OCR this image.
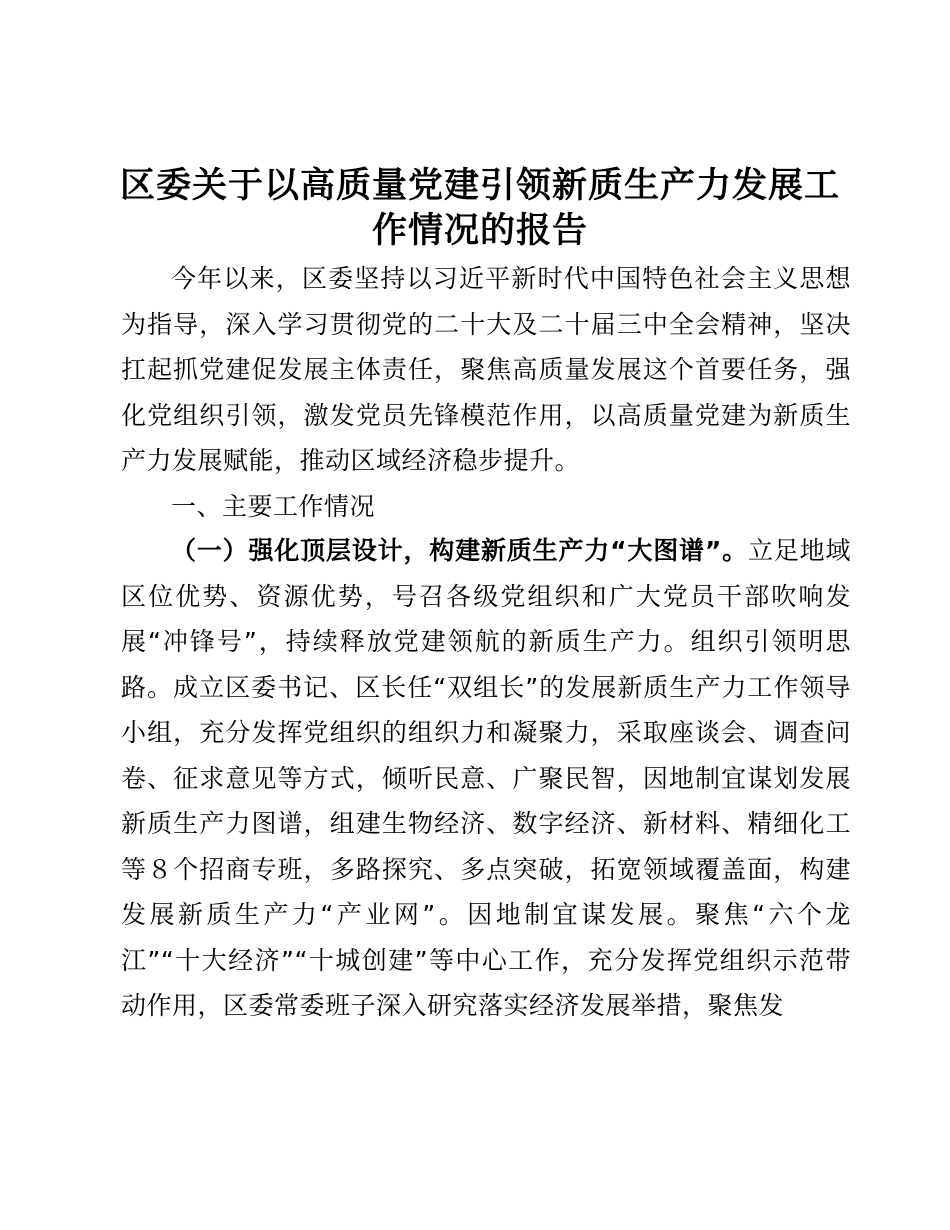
区委关于以高质量党建引领新质生产力发展工作情况的报告
今年以来，区委坚持以习近平新时代中国特色社会主义思想为指导，深入学习贯彻党的二十大及二十届三中全会精神，坚决扛起抓党建促发展主体责任，聚焦高质量发展这个首要任务，强化党组织引领，激发党员先锋模范作用，以高质量党建为新质生产力发展赋能，推动区域经济稳步提升。
一、主要工作情况
（一）强化顶层设计，构建新质生产力“大图谱”。立足地域区位优势、资源优势，号召各级党组织和广大党员干部吹响发展“冲锋号”，持续释放党建领航的新质生产力。组织引领明思路。成立区委书记、区长任“双组长”的发展新质生产力工作领导小组，充分发挥党组织的组织力和凝聚力，采取座谈会、调查问卷、征求意见等方式，倾听民意、广聚民智，因地制宜谋划发展新质生产力图谱，组建生物经济、数字经济、新材料、精细化工等８个招商专班，多路探究、多点突破，拓宽领域覆盖面，构建发展新质生产力“产业网”。因地制宜谋发展。聚焦“六个龙江”“十大经济”“十城创建”等中心工作，充分发挥党组织示范带动作用，区委常委班子深入研究落实经济发展举措，聚焦发
